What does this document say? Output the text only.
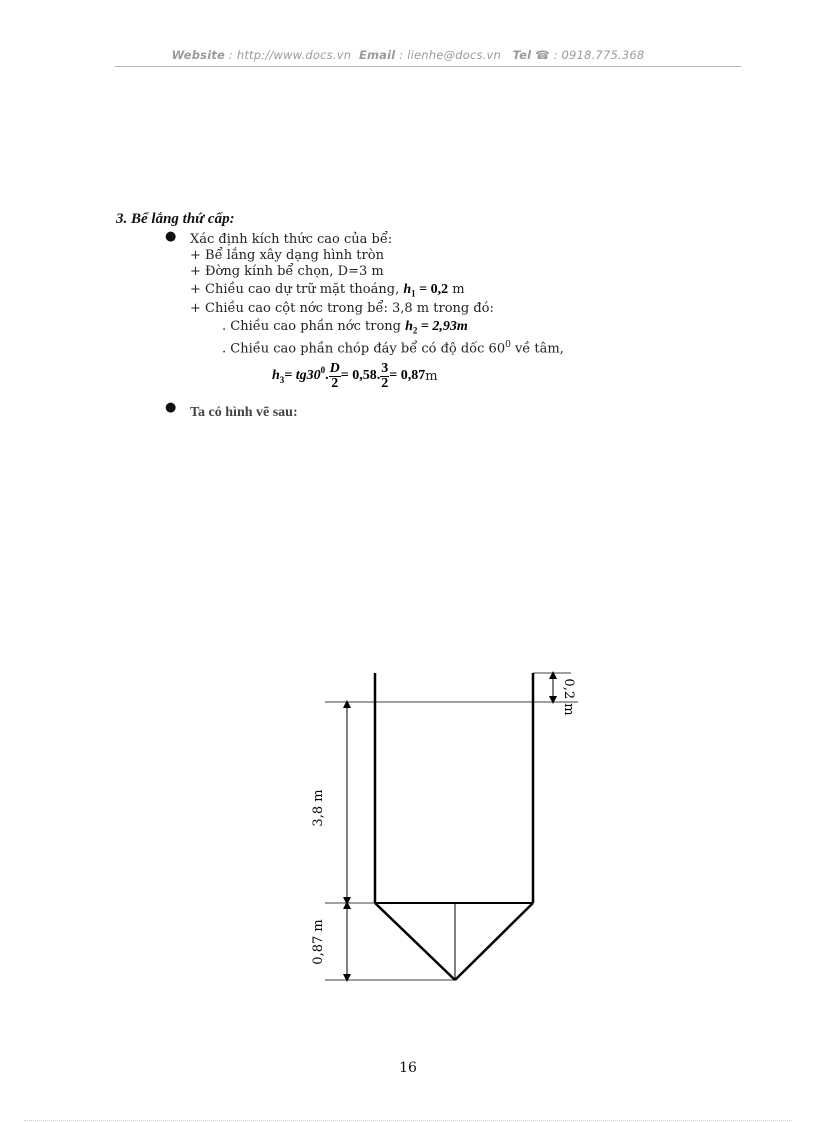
Website : http://www.docs.vn Email : lienhe@docs.vn Tel ☎ : 0918.775.368
3. Bể lắng thứ cấp:
● Xác định kích thức cao của bể:
+ Bể lắng xây dạng hình tròn
+ Đờng kính bể chọn, D=3 m
+ Chiều cao dự trữ mặt thoáng, $h_1 = 0,2$ m
+ Chiều cao cột nớc trong bể: 3,8 m trong đó:
. Chiều cao phần nớc trong $h_2 = 2,93m$
. Chiều cao phần chóp đáy bể có độ dốc $60^0$ về tâm,
$h_3 = tg30^0$ . $\frac{D}{2} = 0,58$. $\frac{3}{2} = 0,87$ m
● Ta có hình vẽ sau:
0,2 m
3,8 m
0,87 m
16
